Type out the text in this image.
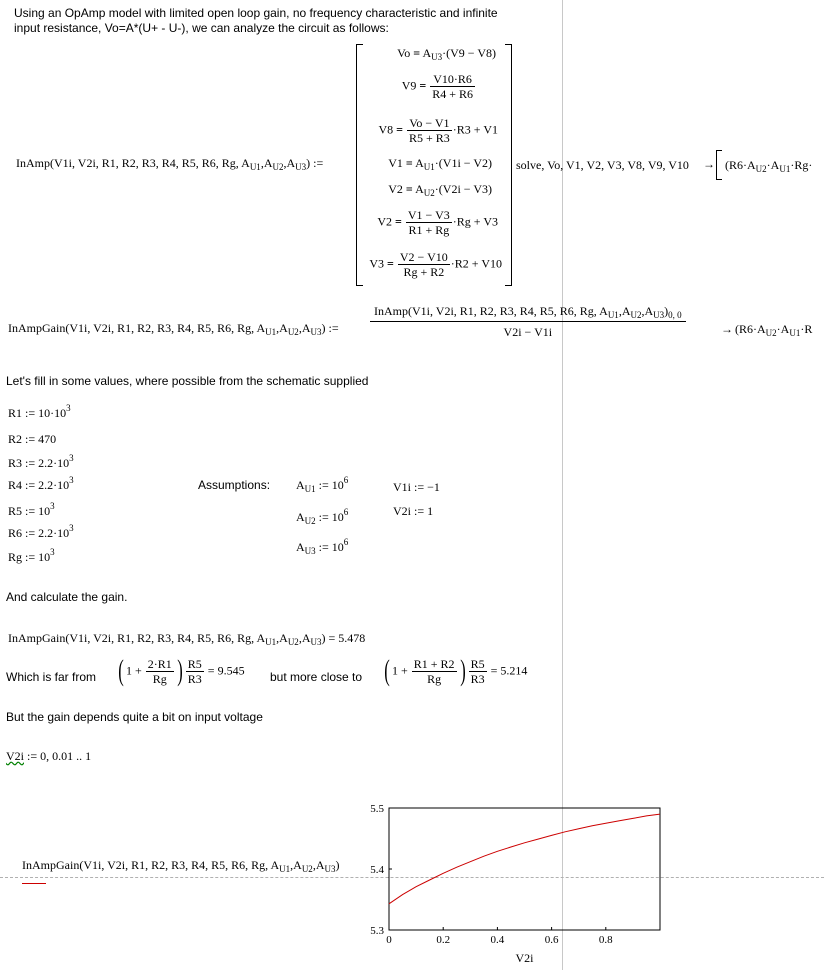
Using an OpAmp model with limited open loop gain, no frequency characteristic and infinite
input resistance, Vo=A*(U+ - U-), we can analyze the circuit as follows:
InAmp(V1i, V2i, R1, R2, R3, R4, R5, R6, Rg, $A_{U1},A_{U2},A_{U3}$) :=
$Vo = A_{U3}\cdot(V9 - V8)$
$V9 = \frac{V10\cdot R6}{R4 + R6}$
$V8 = \frac{Vo - V1}{R5 + R3} \cdot R3 + V1$
$V1 = A_{U1}\cdot(V1i - V2)$
$V2 = A_{U2}\cdot(V2i - V3)$
$V2 = \frac{V1 - V3}{R1 + Rg} \cdot Rg + V3$
$V3 = \frac{V2 - V10}{Rg + R2} \cdot R2 + V10$
solve, Vo, V1, V2, V3, V8, V9, $V10 \to (R6\cdot A_{U2}\cdot A_{U1}\cdot Rg\cdot$
InAmpGain(V1i, V2i, R1, R2, R3, R4, R5, R6, Rg, $A_{U1},A_{U2},A_{U3}$) :=
InAmp(V1i, V2i, R1, R2, R3, R4, R5, R6, Rg, $A_{U1},A_{U2},A_{U3})_{0, 0}$
V2i − V1i	→ ($R6\cdot A_{U2}\cdot A_{U1}\cdot R$
Let's fill in some values, where possible from the schematic supplied
R1 := $10\cdot 10^3$
R2 := 470
R3 := $2.2\cdot 10^3$
R4 := $2.2\cdot 10^3$
R5 := $10^3$
R6 := $2.2\cdot 10^3$
Rg := $10^3$
Assumptions: $A_{U1}$ := $10^6$
$A_{U2}$ := $10^6$
$A_{U3}$ := $10^6$
V1i := −1
V2i := 1
And calculate the gain.
InAmpGain(V1i, V2i, R1, R2, R3, R4, R5, R6, Rg, $A_{U1},A_{U2},A_{U3}) = 5.478$
Which is far from ( $1 + \frac{2\cdot R1}{Rg}$ ) $\frac{R5}{R3} = 9.545$ but more close to ( $1 + \frac{R1 + R2}{Rg}$ ) $\frac{R5}{R3} = 5.214$
But the gain depends quite a bit on input voltage
V2i := 0, 0.01 .. 1
InAmpGain(V1i, V2i, R1, R2, R3, R4, R5, R6, Rg, $A_{U1},A_{U2},A_{U3}$)
5.5
5.4
5.3
0	0.2	0.4	0.6	0.8
V2i
